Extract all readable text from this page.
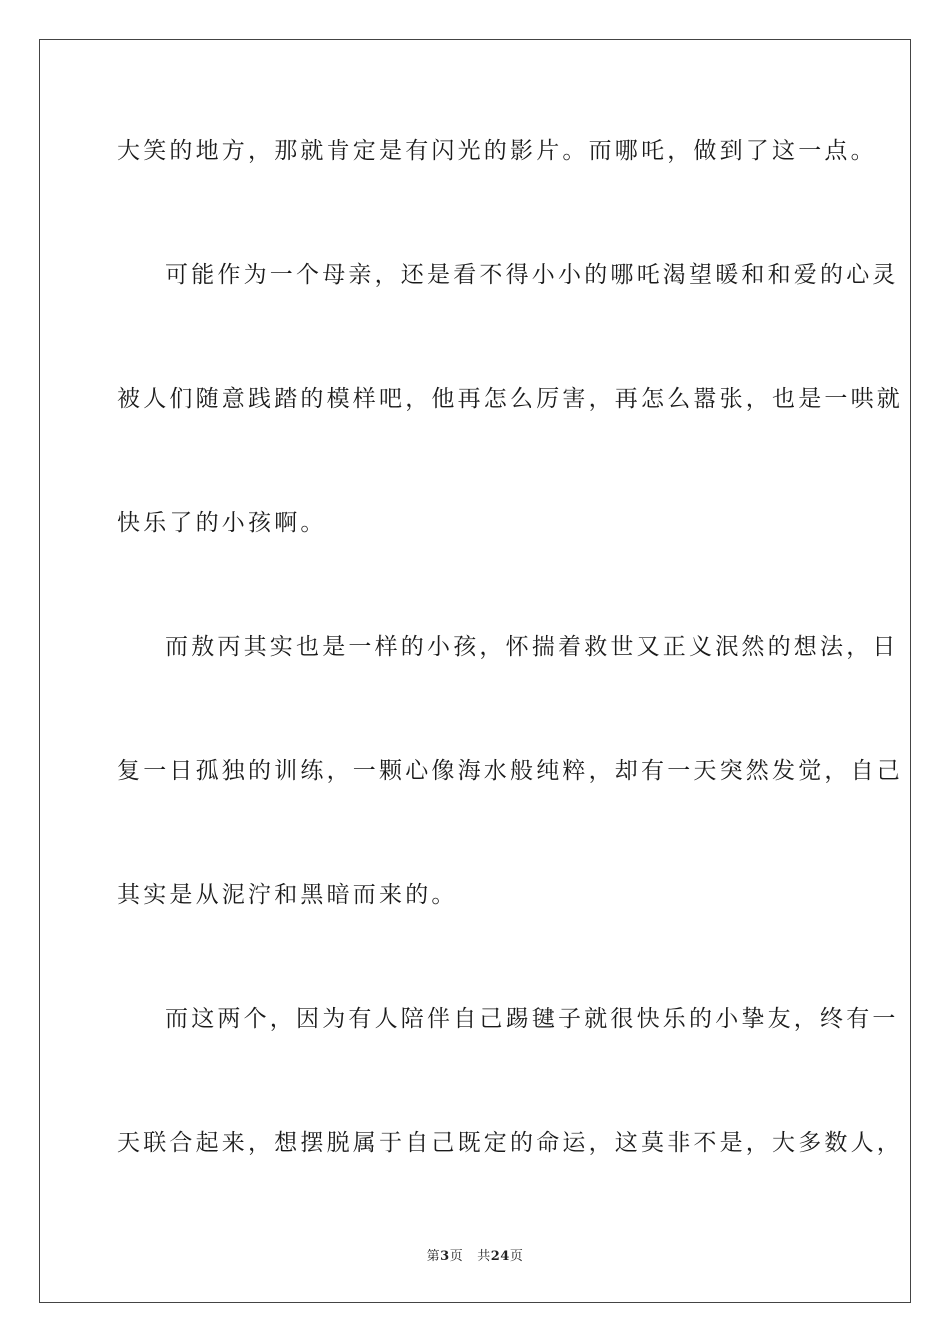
大笑的地方，那就肯定是有闪光的影片。而哪吒，做到了这一点。
可能作为一个母亲，还是看不得小小的哪吒渴望暖和和爱的心灵
被人们随意践踏的模样吧，他再怎么厉害，再怎么嚣张，也是一哄就
快乐了的小孩啊。
而敖丙其实也是一样的小孩，怀揣着救世又正义泯然的想法，日
复一日孤独的训练，一颗心像海水般纯粹，却有一天突然发觉，自己
其实是从泥泞和黑暗而来的。
而这两个，因为有人陪伴自己踢毽子就很快乐的小挚友，终有一
天联合起来，想摆脱属于自己既定的命运，这莫非不是，大多数人，
第3页 共24页
